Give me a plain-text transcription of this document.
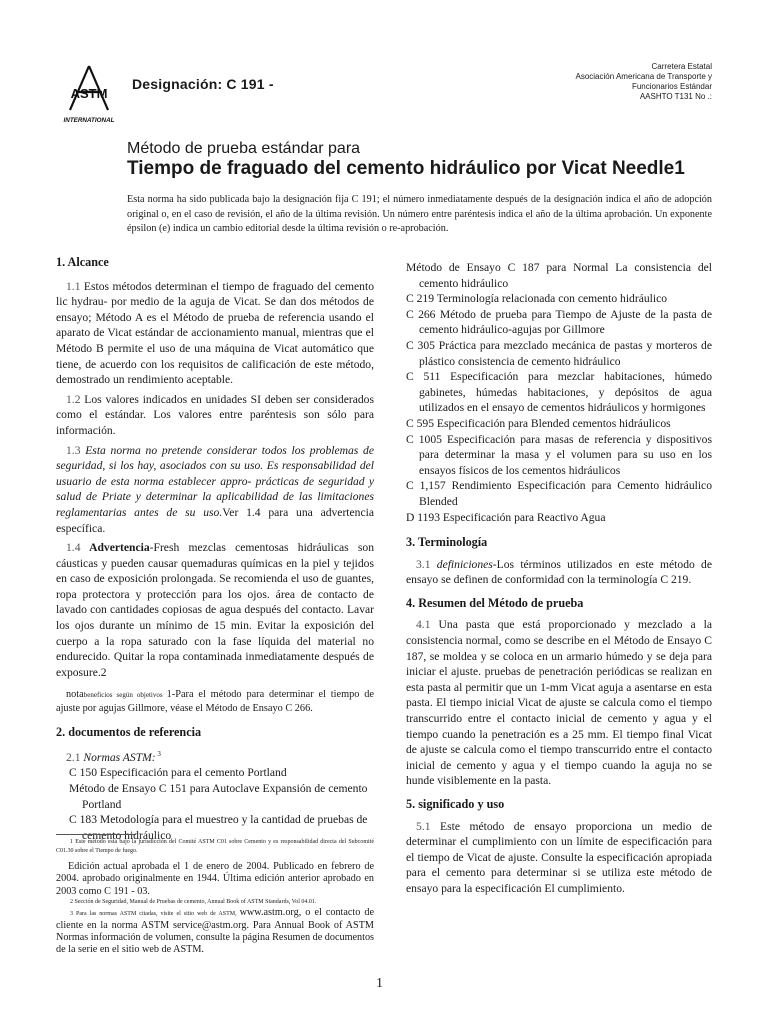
ASTM
INTERNATIONAL
Designación: C 191 -
Carretera Estatal
Asociación Americana de Transporte y
Funcionarios Estándar
AASHTO T131 No .:
Método de prueba estándar para
Tiempo de fraguado del cemento hidráulico por Vicat Needle1
Esta norma ha sido publicada bajo la designación fija C 191; el número inmediatamente después de la designación indica el año de adopción original o, en el caso de revisión, el año de la última revisión. Un número entre paréntesis indica el año de la última aprobación. Un exponente épsilon (e) indica un cambio editorial desde la última revisión o re-aprobación.
1. Alcance

1.1 Estos métodos determinan el tiempo de fraguado del cemento lic hydrau- por medio de la aguja de Vicat. Se dan dos métodos de ensayo; Método A es el Método de prueba de referencia usando el aparato de Vicat estándar de accionamiento manual, mientras que el Método B permite el uso de una máquina de Vicat automático que tiene, de acuerdo con los requisitos de calificación de este método, demostrado un rendimiento aceptable.

1.2 Los valores indicados en unidades SI deben ser considerados como el estándar. Los valores entre paréntesis son sólo para información.

1.3 Esta norma no pretende considerar todos los problemas de seguridad, si los hay, asociados con su uso. Es responsabilidad del usuario de esta norma establecer appro- prácticas de seguridad y salud de Priate y determinar la aplicabilidad de las limitaciones reglamentarias antes de su uso.Ver 1.4 para una advertencia específica.

1.4 Advertencia-Fresh mezclas cementosas hidráulicas son cáusticas y pueden causar quemaduras químicas en la piel y tejidos en caso de exposición prolongada. Se recomienda el uso de guantes, ropa protectora y protección para los ojos. área de contacto de lavado con cantidades copiosas de agua después del contacto. Lavar los ojos durante un mínimo de 15 min. Evitar la exposición del cuerpo a la ropa saturado con la fase líquida del material no endurecido. Quitar la ropa contaminada inmediatamente después de exposure.2

notabeneficios según objetivos 1-Para el método para determinar el tiempo de ajuste por agujas Gillmore, véase el Método de Ensayo C 266.

2. documentos de referencia

2.1 Normas ASTM: $^3$

C 150 Especificación para el cemento Portland

Método de Ensayo C 151 para Autoclave Expansión de cemento Portland

C 183 Metodología para el muestreo y la cantidad de pruebas de cemento hidráulico

1 Este método está bajo la jurisdicción del Comité ASTM C01 sobre Cemento y es responsabilidad directa del Subcomité C01.30 sobre el Tiempo de fuego.

Edición actual aprobada el 1 de enero de 2004. Publicado en febrero de 2004. aprobado originalmente en 1944. Última edición anterior aprobado en 2003 como C 191 - 03.

2 Sección de Seguridad, Manual de Pruebas de cemento, Annual Book of ASTM Standards, Vol 04.01.

3 Para las normas ASTM citadas, visite el sitio web de ASTM, www.astm.org, o el contacto de cliente en la norma ASTM service@astm.org. Para Annual Book of ASTM Normas información de volumen, consulte la página Resumen de documentos de la serie en el sitio web de ASTM.

Método de Ensayo C 187 para Normal La consistencia del cemento hidráulico

C 219 Terminología relacionada con cemento hidráulico

C 266 Método de prueba para Tiempo de Ajuste de la pasta de cemento hidráulico-agujas por Gillmore

C 305 Práctica para mezclado mecánica de pastas y morteros de plástico consistencia de cemento hidráulico

C 511 Especificación para mezclar habitaciones, húmedo gabinetes, húmedas habitaciones, y depósitos de agua utilizados en el ensayo de cementos hidráulicos y hormigones

C 595 Especificación para Blended cementos hidráulicos

C 1005 Especificación para masas de referencia y dispositivos para determinar la masa y el volumen para su uso en los ensayos físicos de los cementos hidráulicos

C 1,157 Rendimiento Especificación para Cemento hidráulico Blended

D 1193 Especificación para Reactivo Agua

3. Terminología

3.1 definiciones-Los términos utilizados en este método de ensayo se definen de conformidad con la terminología C 219.

4. Resumen del Método de prueba

4.1 Una pasta que está proporcionado y mezclado a la consistencia normal, como se describe en el Método de Ensayo C 187, se moldea y se coloca en un armario húmedo y se deja para iniciar el ajuste. pruebas de penetración periódicas se realizan en esta pasta al permitir que un 1-mm Vicat aguja a asentarse en esta pasta. El tiempo inicial Vicat de ajuste se calcula como el tiempo transcurrido entre el contacto inicial de cemento y agua y el tiempo cuando la penetración es a 25 mm. El tiempo final Vicat de ajuste se calcula como el tiempo transcurrido entre el contacto inicial de cemento y agua y el tiempo cuando la aguja no se hunde visiblemente en la pasta.

5. significado y uso

5.1 Este método de ensayo proporciona un medio de determinar el cumplimiento con un límite de especificación para el tiempo de Vicat de ajuste. Consulte la especificación apropiada para el cemento para determinar si se utiliza este método de ensayo para la especificación El cumplimiento.

1
